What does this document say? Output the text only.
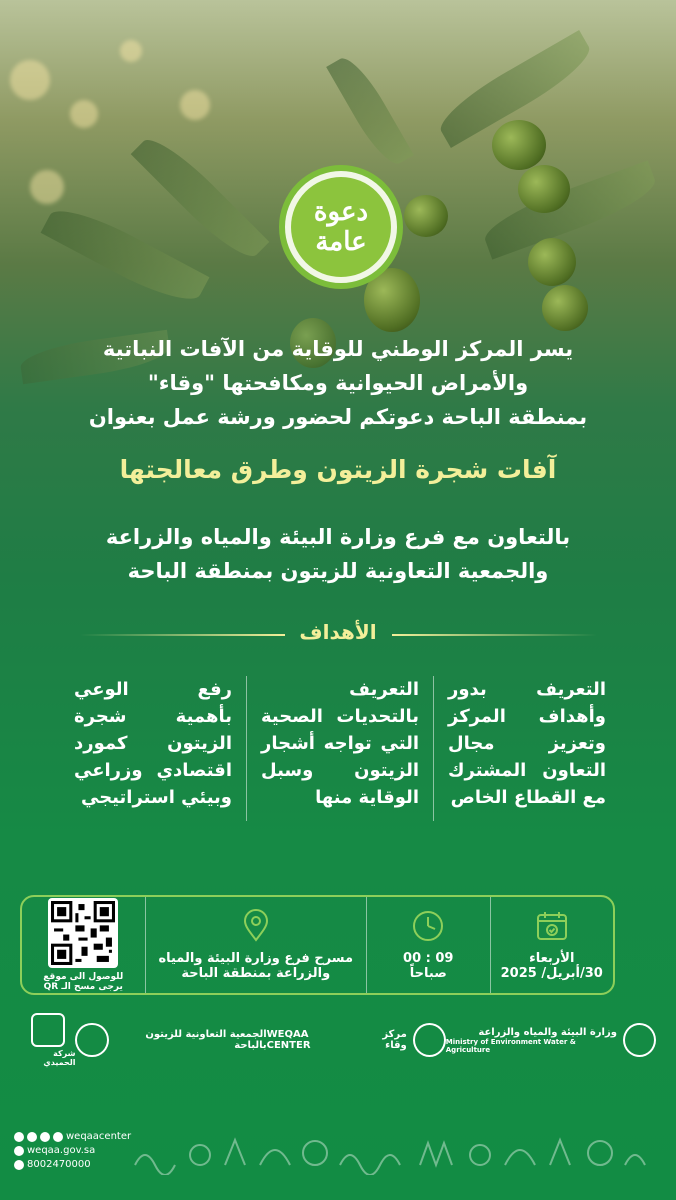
دعوة
عامة
يسر المركز الوطني للوقاية من الآفات النباتية
والأمراض الحيوانية ومكافحتها "وقاء"
بمنطقة الباحة دعوتكم لحضور ورشة عمل بعنوان
آفات شجرة الزيتون وطرق معالجتها
بالتعاون مع فرع وزارة البيئة والمياه والزراعة
والجمعية التعاونية للزيتون بمنطقة الباحة
الأهداف
التعريف بدور وأهداف المركز وتعزيز مجال التعاون المشترك مع القطاع الخاص
التعريف بالتحديات الصحية التي تواجه أشجار الزيتون وسبل الوقاية منها
رفع الوعي بأهمية شجرة الزيتون كمورد اقتصادي وزراعي وبيئي استراتيجي
الأربعاء
30/أبريل/ 2025
09 : 00
صباحاً
مسرح فرع وزارة البيئة والمياه
والزراعة بمنطقة الباحة
للوصول الى موقع
يرجى مسح الـ QR
وزارة البيئة والمياه والزراعة
Ministry of Environment Water & Agriculture
مركز وقاء
WEQAA CENTER
الجمعية التعاونية للزيتون بالباحة
شركة الحميدي
weqaacenter
weqaa.gov.sa
8002470000
